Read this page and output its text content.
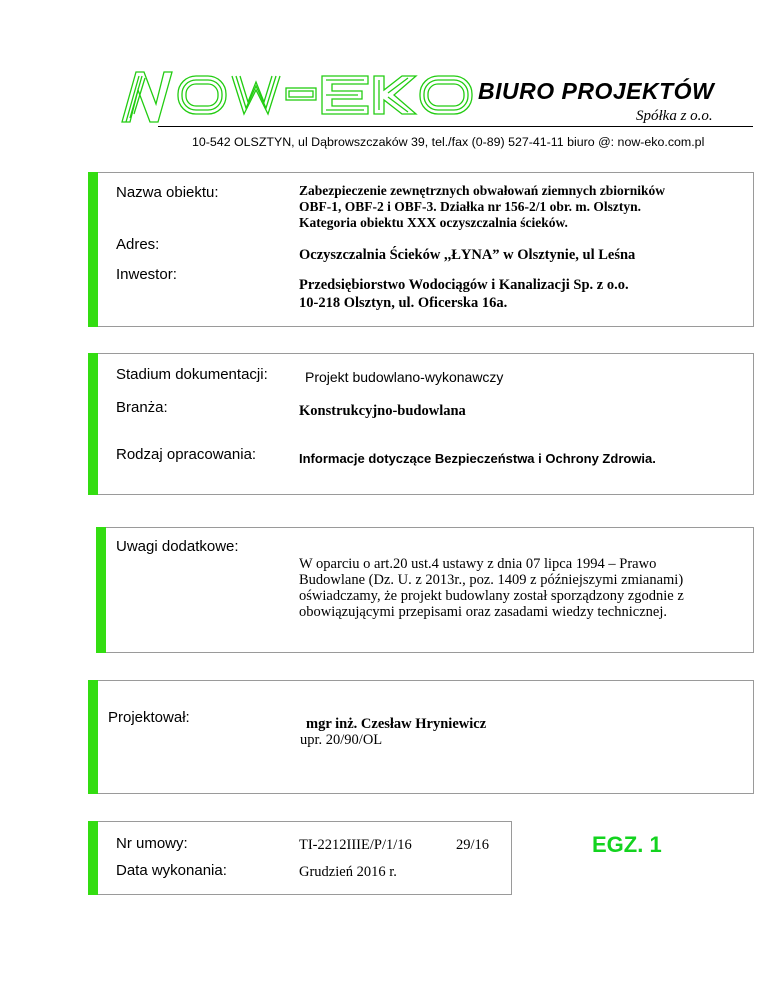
BIURO PROJEKTÓW
Spółka z o.o.
10-542 OLSZTYN, ul Dąbrowszczaków 39, tel./fax (0-89) 527-41-11 biuro @: now-eko.com.pl
Nazwa obiektu:	Zabezpieczenie zewnętrznych obwałowań ziemnych zbiorników
OBF-1, OBF-2 i OBF-3. Działka nr 156-2/1 obr. m. Olsztyn.
Kategoria obiektu XXX oczyszczalnia ścieków.
Adres:
Oczyszczalnia Ścieków ,,ŁYNA” w Olsztynie, ul Leśna
Inwestor:
Przedsiębiorstwo Wodociągów i Kanalizacji Sp. z o.o.
10-218 Olsztyn, ul. Oficerska 16a.
Stadium dokumentacji:	Projekt budowlano-wykonawczy
Branża:	Konstrukcyjno-budowlana
Rodzaj opracowania:	Informacje dotyczące Bezpieczeństwa i Ochrony Zdrowia.
Uwagi dodatkowe:
W oparciu o art.20 ust.4 ustawy z dnia 07 lipca 1994 – Prawo
Budowlane (Dz. U. z 2013r., poz. 1409 z późniejszymi zmianami)
oświadczamy, że projekt budowlany został sporządzony zgodnie z
obowiązującymi przepisami oraz zasadami wiedzy technicznej.
Projektował:	mgr inż. Czesław Hryniewicz
upr. 20/90/OL
Nr umowy:	TI-2212IIIE/P/1/16	29/16
Data wykonania:	Grudzień 2016 r.
EGZ. 1
